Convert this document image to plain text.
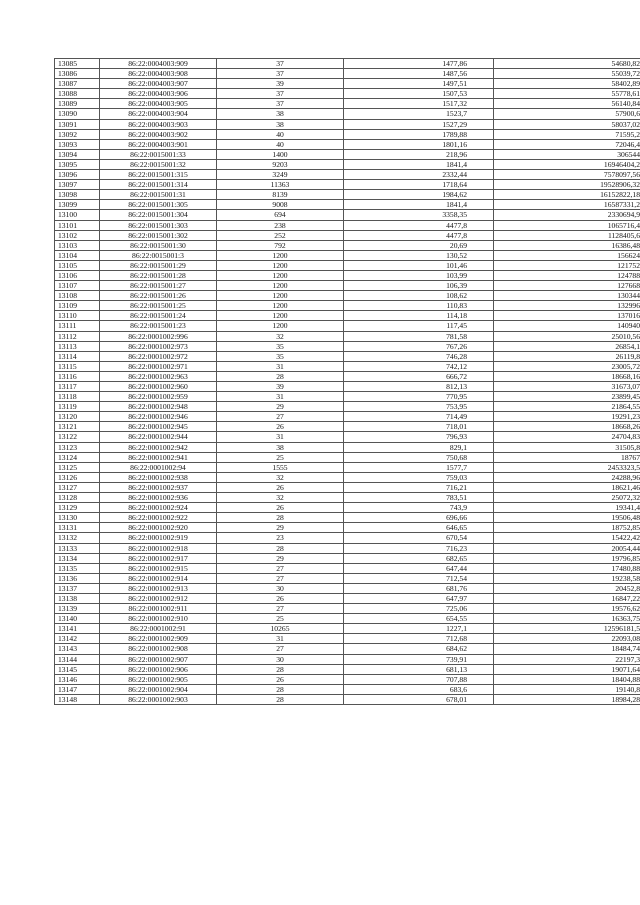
13085	86:22:0004003:909	37	1477,86	54680,82
13086	86:22:0004003:908	37	1487,56	55039,72
13087	86:22:0004003:907	39	1497,51	58402,89
13088	86:22:0004003:906	37	1507,53	55778,61
13089	86:22:0004003:905	37	1517,32	56140,84
13090	86:22:0004003:904	38	1523,7	57900,6
13091	86:22:0004003:903	38	1527,29	58037,02
13092	86:22:0004003:902	40	1789,88	71595,2
13093	86:22:0004003:901	40	1801,16	72046,4
13094	86:22:0015001:33	1400	218,96	306544
13095	86:22:0015001:32	9203	1841,4	16946404,2
13096	86:22:0015001:315	3249	2332,44	7578097,56
13097	86:22:0015001:314	11363	1718,64	19528906,32
13098	86:22:0015001:31	8139	1984,62	16152822,18
13099	86:22:0015001:305	9008	1841,4	16587331,2
13100	86:22:0015001:304	694	3358,35	2330694,9
13101	86:22:0015001:303	238	4477,8	1065716,4
13102	86:22:0015001:302	252	4477,8	1128405,6
13103	86:22:0015001:30	792	20,69	16386,48
13104	86:22:0015001:3	1200	130,52	156624
13105	86:22:0015001:29	1200	101,46	121752
13106	86:22:0015001:28	1200	103,99	124788
13107	86:22:0015001:27	1200	106,39	127668
13108	86:22:0015001:26	1200	108,62	130344
13109	86:22:0015001:25	1200	110,83	132996
13110	86:22:0015001:24	1200	114,18	137016
13111	86:22:0015001:23	1200	117,45	140940
13112	86:22:0001002:996	32	781,58	25010,56
13113	86:22:0001002:973	35	767,26	26854,1
13114	86:22:0001002:972	35	746,28	26119,8
13115	86:22:0001002:971	31	742,12	23005,72
13116	86:22:0001002:963	28	666,72	18668,16
13117	86:22:0001002:960	39	812,13	31673,07
13118	86:22:0001002:959	31	770,95	23899,45
13119	86:22:0001002:948	29	753,95	21864,55
13120	86:22:0001002:946	27	714,49	19291,23
13121	86:22:0001002:945	26	718,01	18668,26
13122	86:22:0001002:944	31	796,93	24704,83
13123	86:22:0001002:942	38	829,1	31505,8
13124	86:22:0001002:941	25	750,68	18767
13125	86:22:0001002:94	1555	1577,7	2453323,5
13126	86:22:0001002:938	32	759,03	24288,96
13127	86:22:0001002:937	26	716,21	18621,46
13128	86:22:0001002:936	32	783,51	25072,32
13129	86:22:0001002:924	26	743,9	19341,4
13130	86:22:0001002:922	28	696,66	19506,48
13131	86:22:0001002:920	29	646,65	18752,85
13132	86:22:0001002:919	23	670,54	15422,42
13133	86:22:0001002:918	28	716,23	20054,44
13134	86:22:0001002:917	29	682,65	19796,85
13135	86:22:0001002:915	27	647,44	17480,88
13136	86:22:0001002:914	27	712,54	19238,58
13137	86:22:0001002:913	30	681,76	20452,8
13138	86:22:0001002:912	26	647,97	16847,22
13139	86:22:0001002:911	27	725,06	19576,62
13140	86:22:0001002:910	25	654,55	16363,75
13141	86:22:0001002:91	10265	1227,1	12596181,5
13142	86:22:0001002:909	31	712,68	22093,08
13143	86:22:0001002:908	27	684,62	18484,74
13144	86:22:0001002:907	30	739,91	22197,3
13145	86:22:0001002:906	28	681,13	19071,64
13146	86:22:0001002:905	26	707,88	18404,88
13147	86:22:0001002:904	28	683,6	19140,8
13148	86:22:0001002:903	28	678,01	18984,28
